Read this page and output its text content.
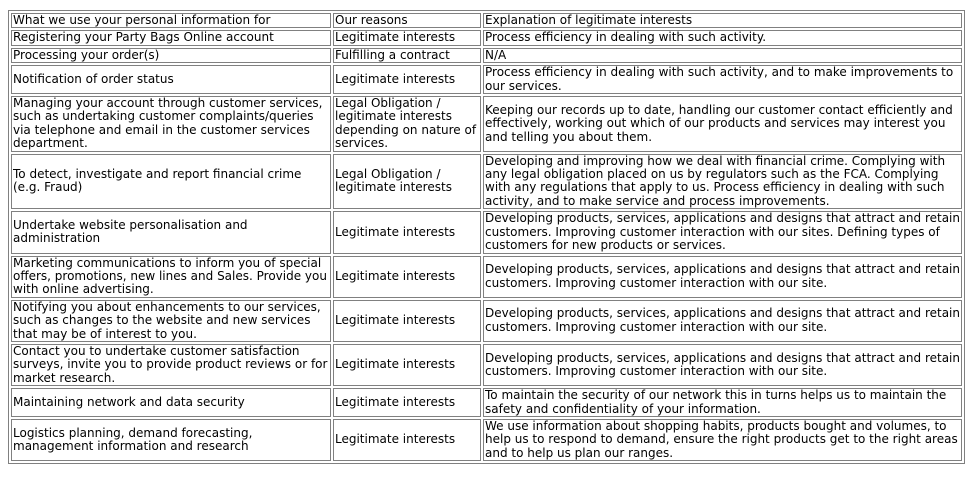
What we use your personal information for	Our reasons	Explanation of legitimate interests
Registering your Party Bags Online account	Legitimate interests	Process efficiency in dealing with such activity.
Processing your order(s)	Fulfilling a contract	N/A
Notification of order status	Legitimate interests	Process efficiency in dealing with such activity, and to make improvements to our services.
Managing your account through customer services, such as undertaking customer complaints/queries via telephone and email in the customer services department.	Legal Obligation / legitimate interests depending on nature of services.	Keeping our records up to date, handling our customer contact efficiently and effectively, working out which of our products and services may interest you and telling you about them.
To detect, investigate and report financial crime (e.g. Fraud)	Legal Obligation / legitimate interests	Developing and improving how we deal with financial crime. Complying with any legal obligation placed on us by regulators such as the FCA. Complying with any regulations that apply to us. Process efficiency in dealing with such activity, and to make service and process improvements.
Undertake website personalisation and administration	Legitimate interests	Developing products, services, applications and designs that attract and retain customers. Improving customer interaction with our sites. Defining types of customers for new products or services.
Marketing communications to inform you of special offers, promotions, new lines and Sales. Provide you with online advertising.	Legitimate interests	Developing products, services, applications and designs that attract and retain customers. Improving customer interaction with our site.
Notifying you about enhancements to our services, such as changes to the website and new services that may be of interest to you.	Legitimate interests	Developing products, services, applications and designs that attract and retain customers. Improving customer interaction with our site.
Contact you to undertake customer satisfaction surveys, invite you to provide product reviews or for market research.	Legitimate interests	Developing products, services, applications and designs that attract and retain customers. Improving customer interaction with our site.
Maintaining network and data security	Legitimate interests	To maintain the security of our network this in turns helps us to maintain the safety and confidentiality of your information.
Logistics planning, demand forecasting, management information and research	Legitimate interests	We use information about shopping habits, products bought and volumes, to help us to respond to demand, ensure the right products get to the right areas and to help us plan our ranges.
